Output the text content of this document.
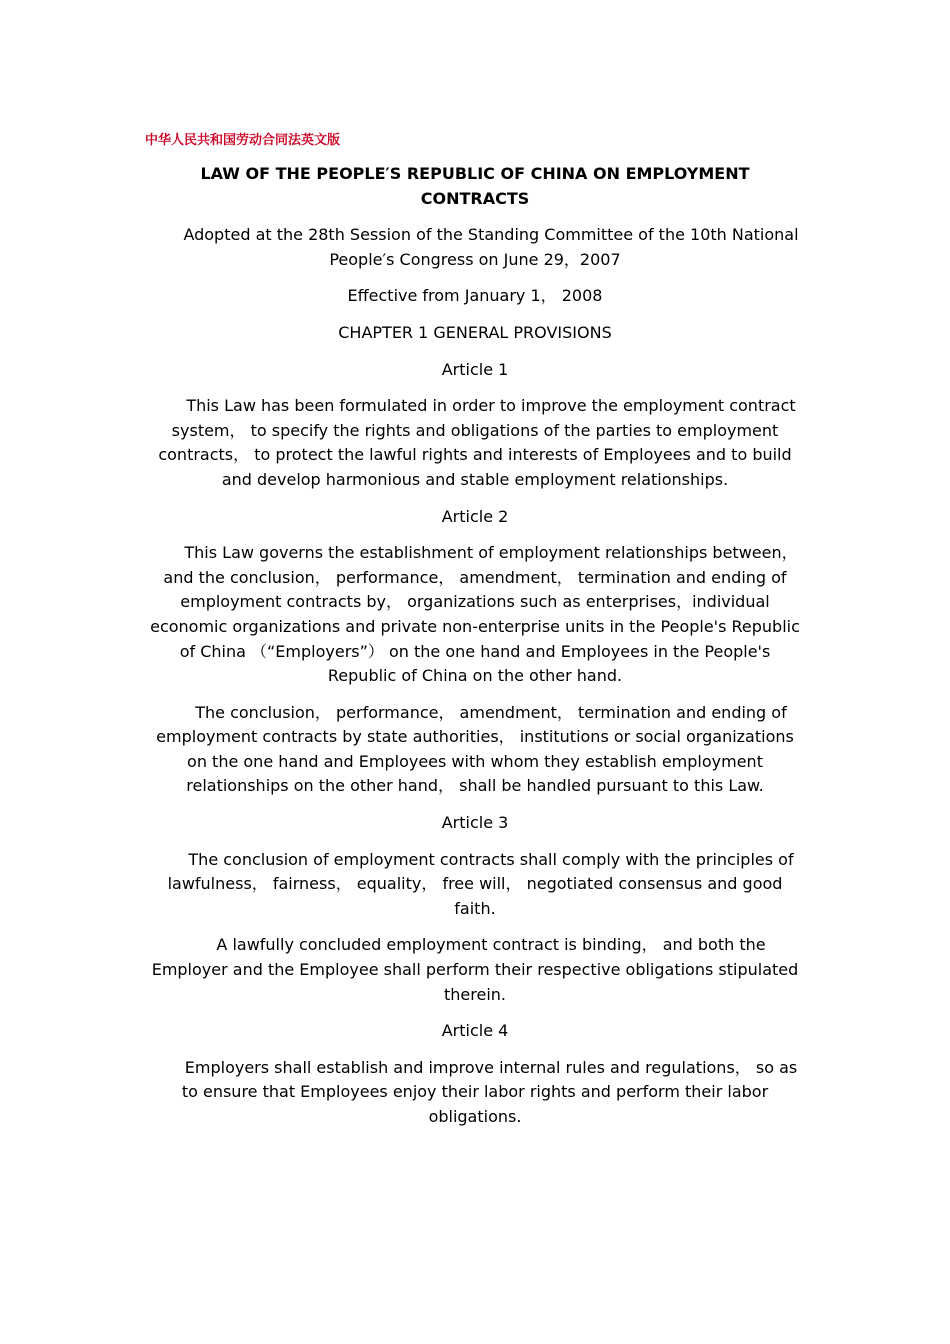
中华人民共和国劳动合同法英文版
LAW OF THE PEOPLE′S REPUBLIC OF CHINA ON EMPLOYMENT CONTRACTS
Adopted at the 28th Session of the Standing Committee of the 10th National People′s Congress on June 29，2007
Effective from January 1， 2008
CHAPTER 1 GENERAL PROVISIONS
Article 1
This Law has been formulated in order to improve the employment contract system， to specify the rights and obligations of the parties to employment contracts， to protect the lawful rights and interests of Employees and to build and develop harmonious and stable employment relationships.
Article 2
This Law governs the establishment of employment relationships between， and the conclusion， performance， amendment， termination and ending of employment contracts by， organizations such as enterprises，individual economic organizations and private non-enterprise units in the People's Republic of China （“Employers”） on the one hand and Employees in the People's Republic of China on the other hand.
The conclusion， performance， amendment， termination and ending of employment contracts by state authorities， institutions or social organizations on the one hand and Employees with whom they establish employment relationships on the other hand， shall be handled pursuant to this Law.
Article 3
The conclusion of employment contracts shall comply with the principles of lawfulness， fairness， equality， free will， negotiated consensus and good faith.
A lawfully concluded employment contract is binding， and both the Employer and the Employee shall perform their respective obligations stipulated therein.
Article 4
Employers shall establish and improve internal rules and regulations， so as to ensure that Employees enjoy their labor rights and perform their labor obligations.
